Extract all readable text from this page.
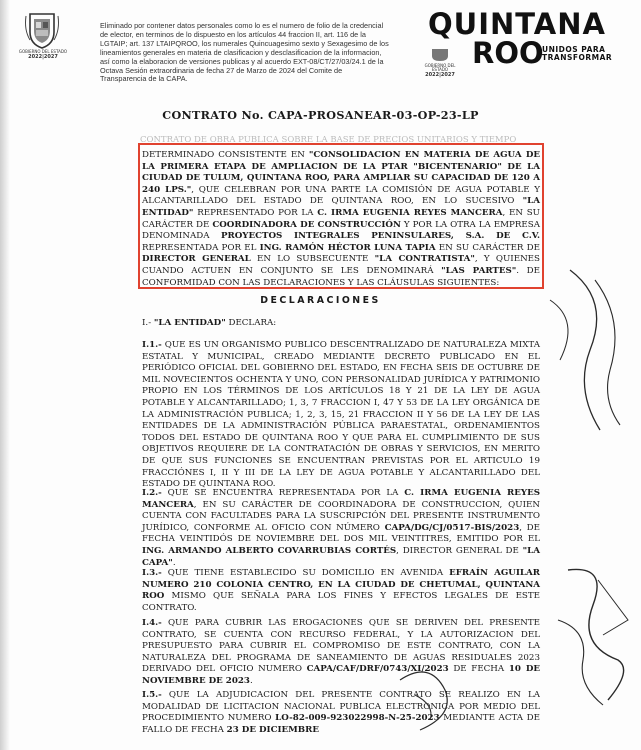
GOBIERNO DEL ESTADO
2022|2027
Eliminado por contener datos personales como lo es el numero de folio de la credencial de elector, en terminos de lo dispuesto en los artículos 44 fraccion II, art. 116 de la LGTAIP; art. 137 LTAIPQROO, los numerales Quincuagesimo sexto y Sexagesimo de los lineamientos generales en materia de clasificacion y desclasificacion de la informacion, así como la elaboracion de versiones publicas y al acuerdo EXT-08/CT/27/03/24.1 de la Octava Sesión extraordinaria de fecha 27 de Marzo de 2024 del Comite de Transparencia de la CAPA.
QUINTANA
ROO
UNIDOS PARA
TRANSFORMAR
GOBIERNO DEL ESTADO
2022|2027
CONTRATO No. CAPA-PROSANEAR-03-OP-23-LP
CONTRATO DE OBRA PÚBLICA SOBRE LA BASE DE PRECIOS UNITARIOS Y TIEMPO
DETERMINADO CONSISTENTE EN "CONSOLIDACION EN MATERIA DE AGUA DE LA PRIMERA ETAPA DE AMPLIACION DE LA PTAR "BICENTENARIO" DE LA CIUDAD DE TULUM, QUINTANA ROO, PARA AMPLIAR SU CAPACIDAD DE 120 A 240 LPS.", QUE CELEBRAN POR UNA PARTE LA COMISIÓN DE AGUA POTABLE Y ALCANTARILLADO DEL ESTADO DE QUINTANA ROO, EN LO SUCESIVO "LA ENTIDAD" REPRESENTADO POR LA C. IRMA EUGENIA REYES MANCERA, EN SU CARÁCTER DE COORDINADORA DE CONSTRUCCIÓN Y POR LA OTRA LA EMPRESA DENOMINADA PROYECTOS INTEGRALES PENINSULARES, S.A. DE C.V. REPRESENTADA POR EL ING. RAMÓN HÉCTOR LUNA TAPIA EN SU CARÁCTER DE DIRECTOR GENERAL EN LO SUBSECUENTE "LA CONTRATISTA", Y QUIENES CUANDO ACTUEN EN CONJUNTO SE LES DENOMINARÁ "LAS PARTES". DE CONFORMIDAD CON LAS DECLARACIONES Y LAS CLÁUSULAS SIGUIENTES:
DECLARACIONES
I.- "LA ENTIDAD" DECLARA:
I.1.- QUE ES UN ORGANISMO PUBLICO DESCENTRALIZADO DE NATURALEZA MIXTA ESTATAL Y MUNICIPAL, CREADO MEDIANTE DECRETO PUBLICADO EN EL PERIÓDICO OFICIAL DEL GOBIERNO DEL ESTADO, EN FECHA SEIS DE OCTUBRE DE MIL NOVECIENTOS OCHENTA Y UNO, CON PERSONALIDAD JURÍDICA Y PATRIMONIO PROPIO EN LOS TÉRMINOS DE LOS ARTÍCULOS 18 Y 21 DE LA LEY DE AGUA POTABLE Y ALCANTARILLADO; 1, 3, 7 FRACCION I, 47 Y 53 DE LA LEY ORGÁNICA DE LA ADMINISTRACIÓN PUBLICA; 1, 2, 3, 15, 21 FRACCION II Y 56 DE LA LEY DE LAS ENTIDADES DE LA ADMINISTRACIÓN PÚBLICA PARAESTATAL, ORDENAMIENTOS TODOS DEL ESTADO DE QUINTANA ROO Y QUE PARA EL CUMPLIMIENTO DE SUS OBJETIVOS REQUIERE DE LA CONTRATACIÓN DE OBRAS Y SERVICIOS, EN MERITO DE QUE SUS FUNCIONES SE ENCUENTRAN PREVISTAS POR EL ARTICULO 19 FRACCIÓNES I, II Y III DE LA LEY DE AGUA POTABLE Y ALCANTARILLADO DEL ESTADO DE QUINTANA ROO.
I.2.- QUE SE ENCUENTRA REPRESENTADA POR LA C. IRMA EUGENIA REYES MANCERA, EN SU CARÁCTER DE COORDINADORA DE CONSTRUCCION, QUIEN CUENTA CON FACULTADES PARA LA SUSCRIPCIÓN DEL PRESENTE INSTRUMENTO JURÍDICO, CONFORME AL OFICIO CON NÚMERO CAPA/DG/CJ/0517-BIS/2023, DE FECHA VEINTIDÓS DE NOVIEMBRE DEL DOS MIL VEINTITRES, EMITIDO POR EL ING. ARMANDO ALBERTO COVARRUBIAS CORTÉS, DIRECTOR GENERAL DE "LA CAPA".
I.3.- QUE TIENE ESTABLECIDO SU DOMICILIO EN AVENIDA EFRAÍN AGUILAR NUMERO 210 COLONIA CENTRO, EN LA CIUDAD DE CHETUMAL, QUINTANA ROO MISMO QUE SEÑALA PARA LOS FINES Y EFECTOS LEGALES DE ESTE CONTRATO.
I.4.- QUE PARA CUBRIR LAS EROGACIONES QUE SE DERIVEN DEL PRESENTE CONTRATO, SE CUENTA CON RECURSO FEDERAL, Y LA AUTORIZACION DEL PRESUPUESTO PARA CUBRIR EL COMPROMISO DE ESTE CONTRATO, CON LA NATURALEZA DEL PROGRAMA DE SANEAMIENTO DE AGUAS RESIDUALES 2023 DERIVADO DEL OFICIO NUMERO CAPA/CAF/DRF/0743/XI/2023 DE FECHA 10 DE NOVIEMBRE DE 2023.
I.5.- QUE LA ADJUDICACIÓN DEL PRESENTE CONTRATO SE REALIZÓ EN LA MODALIDAD DE LICITACION NACIONAL PUBLICA ELECTRONICA POR MEDIO DEL PROCEDIMIENTO NUMERO LO-82-009-923022998-N-25-2023 MEDIANTE ACTA DE FALLO DE FECHA 23 DE DICIEMBRE
